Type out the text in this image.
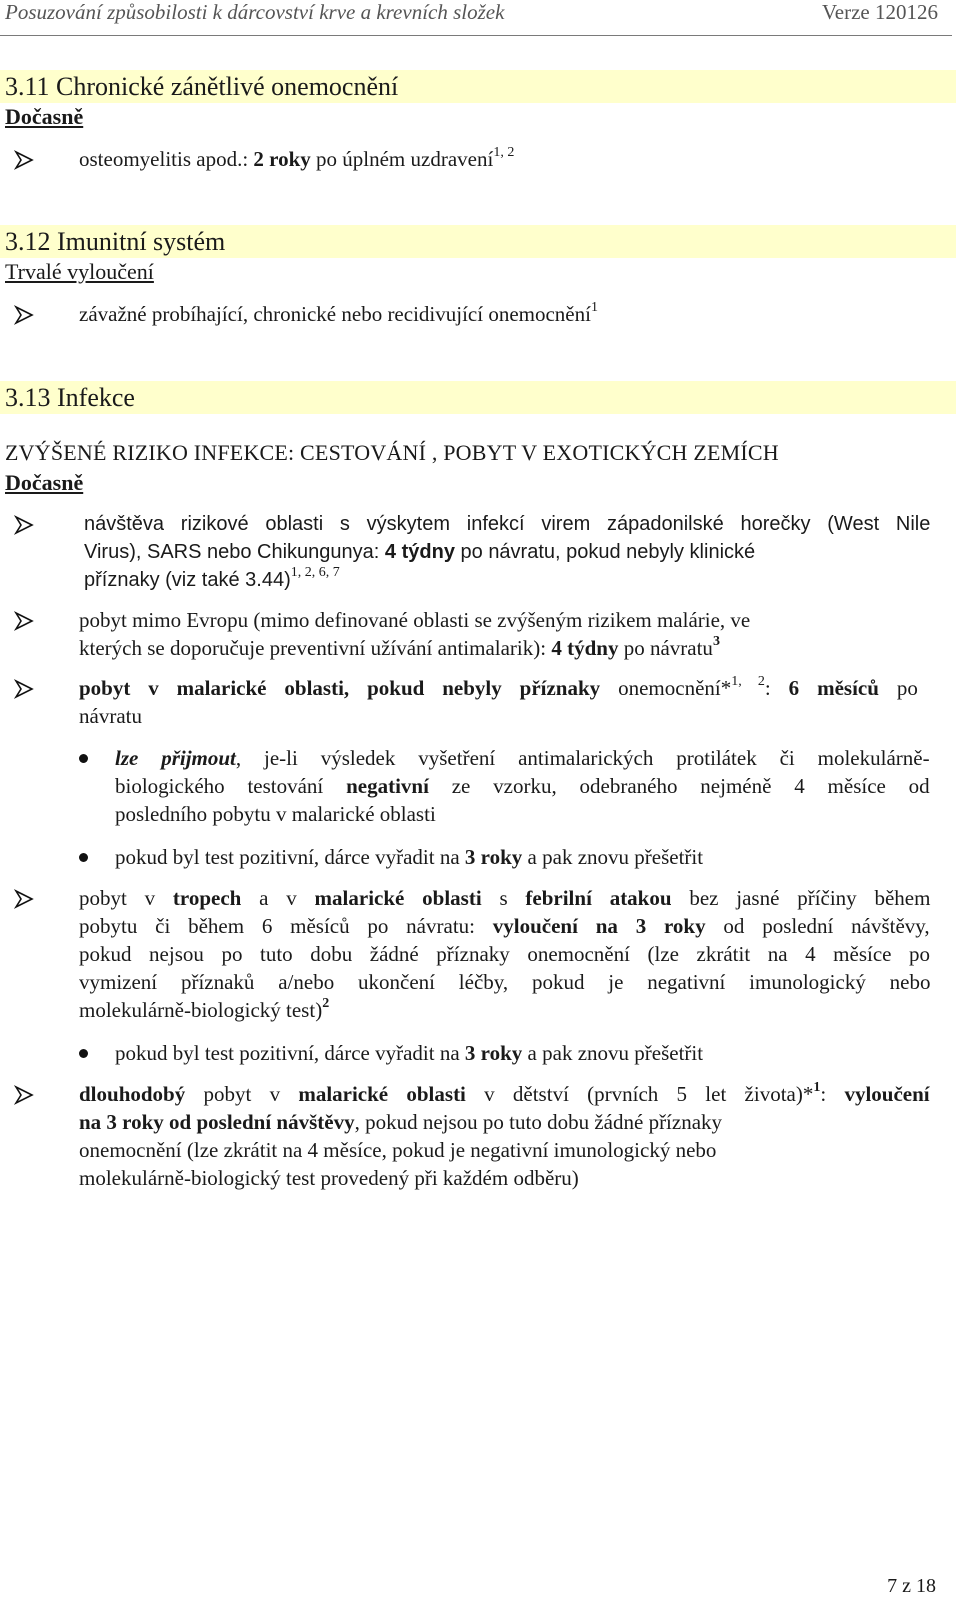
Posuzování způsobilosti k dárcovství krve a krevních složek	Verze 120126
3.11 Chronické zánětlivé onemocnění
Dočasně
osteomyelitis apod.: 2 roky po úplném uzdravení$^{1, 2}$
3.12 Imunitní systém
Trvalé vyloučení
závažné probíhající, chronické nebo recidivující onemocnění$^1$
3.13 Infekce
ZVÝŠENÉ RIZIKO INFEKCE: CESTOVÁNÍ , POBYT V EXOTICKÝCH ZEMÍCH
Dočasně
návštěva rizikové oblasti s výskytem infekcí virem západonilské horečky (West Nile
Virus), SARS nebo Chikungunya: 4 týdny po návratu, pokud nebyly klinické
příznaky (viz také 3.44)$^{1, 2, 6, 7}$
pobyt mimo Evropu (mimo definované oblasti se zvýšeným rizikem malárie, ve
kterých se doporučuje preventivní užívání antimalarik): 4 týdny po návratu$^3$
pobyt v malarické oblasti, pokud nebyly příznaky onemocnění*$^{1, 2}$: 6 měsíců po
návratu
lze přijmout, je-li výsledek vyšetření antimalarických protilátek či molekulárně-
biologického testování negativní ze vzorku, odebraného nejméně 4 měsíce od
posledního pobytu v malarické oblasti
pokud byl test pozitivní, dárce vyřadit na 3 roky a pak znovu přešetřit
pobyt v tropech a v malarické oblasti s febrilní atakou bez jasné příčiny během
pobytu či během 6 měsíců po návratu: vyloučení na 3 roky od poslední návštěvy,
pokud nejsou po tuto dobu žádné příznaky onemocnění (lze zkrátit na 4 měsíce po
vymizení příznaků a/nebo ukončení léčby, pokud je negativní imunologický nebo
molekulárně-biologický test)$^2$
pokud byl test pozitivní, dárce vyřadit na 3 roky a pak znovu přešetřit
dlouhodobý pobyt v malarické oblasti v dětství (prvních 5 let života)*$^1$: vyloučení
na 3 roky od poslední návštěvy, pokud nejsou po tuto dobu žádné příznaky
onemocnění (lze zkrátit na 4 měsíce, pokud je negativní imunologický nebo
molekulárně-biologický test provedený při každém odběru)
7 z 18
